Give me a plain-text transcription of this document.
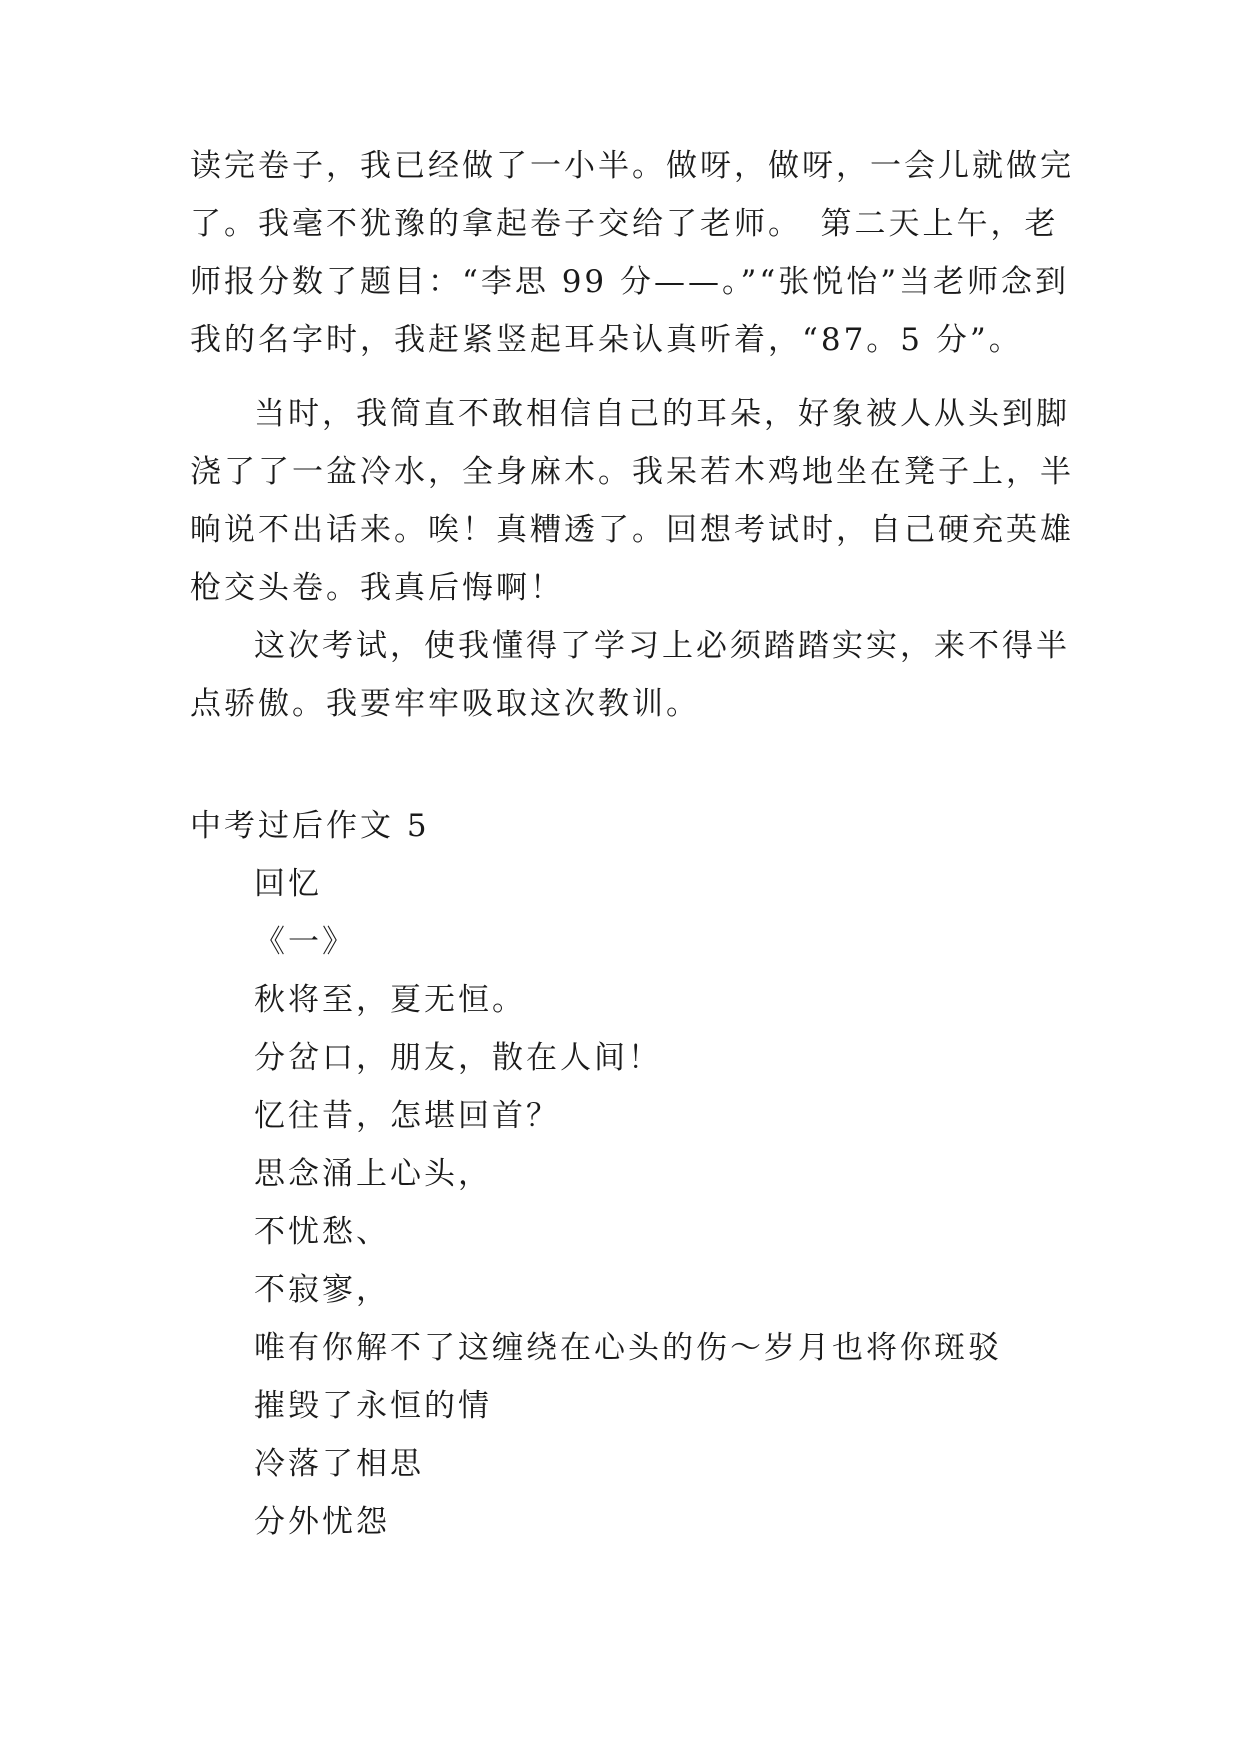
读完卷子，我已经做了一小半。做呀，做呀，一会儿就做完
了。我毫不犹豫的拿起卷子交给了老师。　第二天上午，老
师报分数了题目：“李思 99 分——。”“张悦怡”当老师念到
我的名字时，我赶紧竖起耳朵认真听着，“87。5 分”。
当时，我简直不敢相信自己的耳朵，好象被人从头到脚
浇了了一盆冷水，全身麻木。我呆若木鸡地坐在凳子上，半
晌说不出话来。唉！真糟透了。回想考试时，自己硬充英雄
枪交头卷。我真后悔啊！
这次考试，使我懂得了学习上必须踏踏实实，来不得半
点骄傲。我要牢牢吸取这次教训。
中考过后作文 5
回忆
《一》
秋将至，夏无恒。
分岔口，朋友，散在人间！
忆往昔，怎堪回首？
思念涌上心头，
不忧愁、
不寂寥，
唯有你解不了这缠绕在心头的伤～岁月也将你斑驳
摧毁了永恒的情
冷落了相思
分外忧怨
